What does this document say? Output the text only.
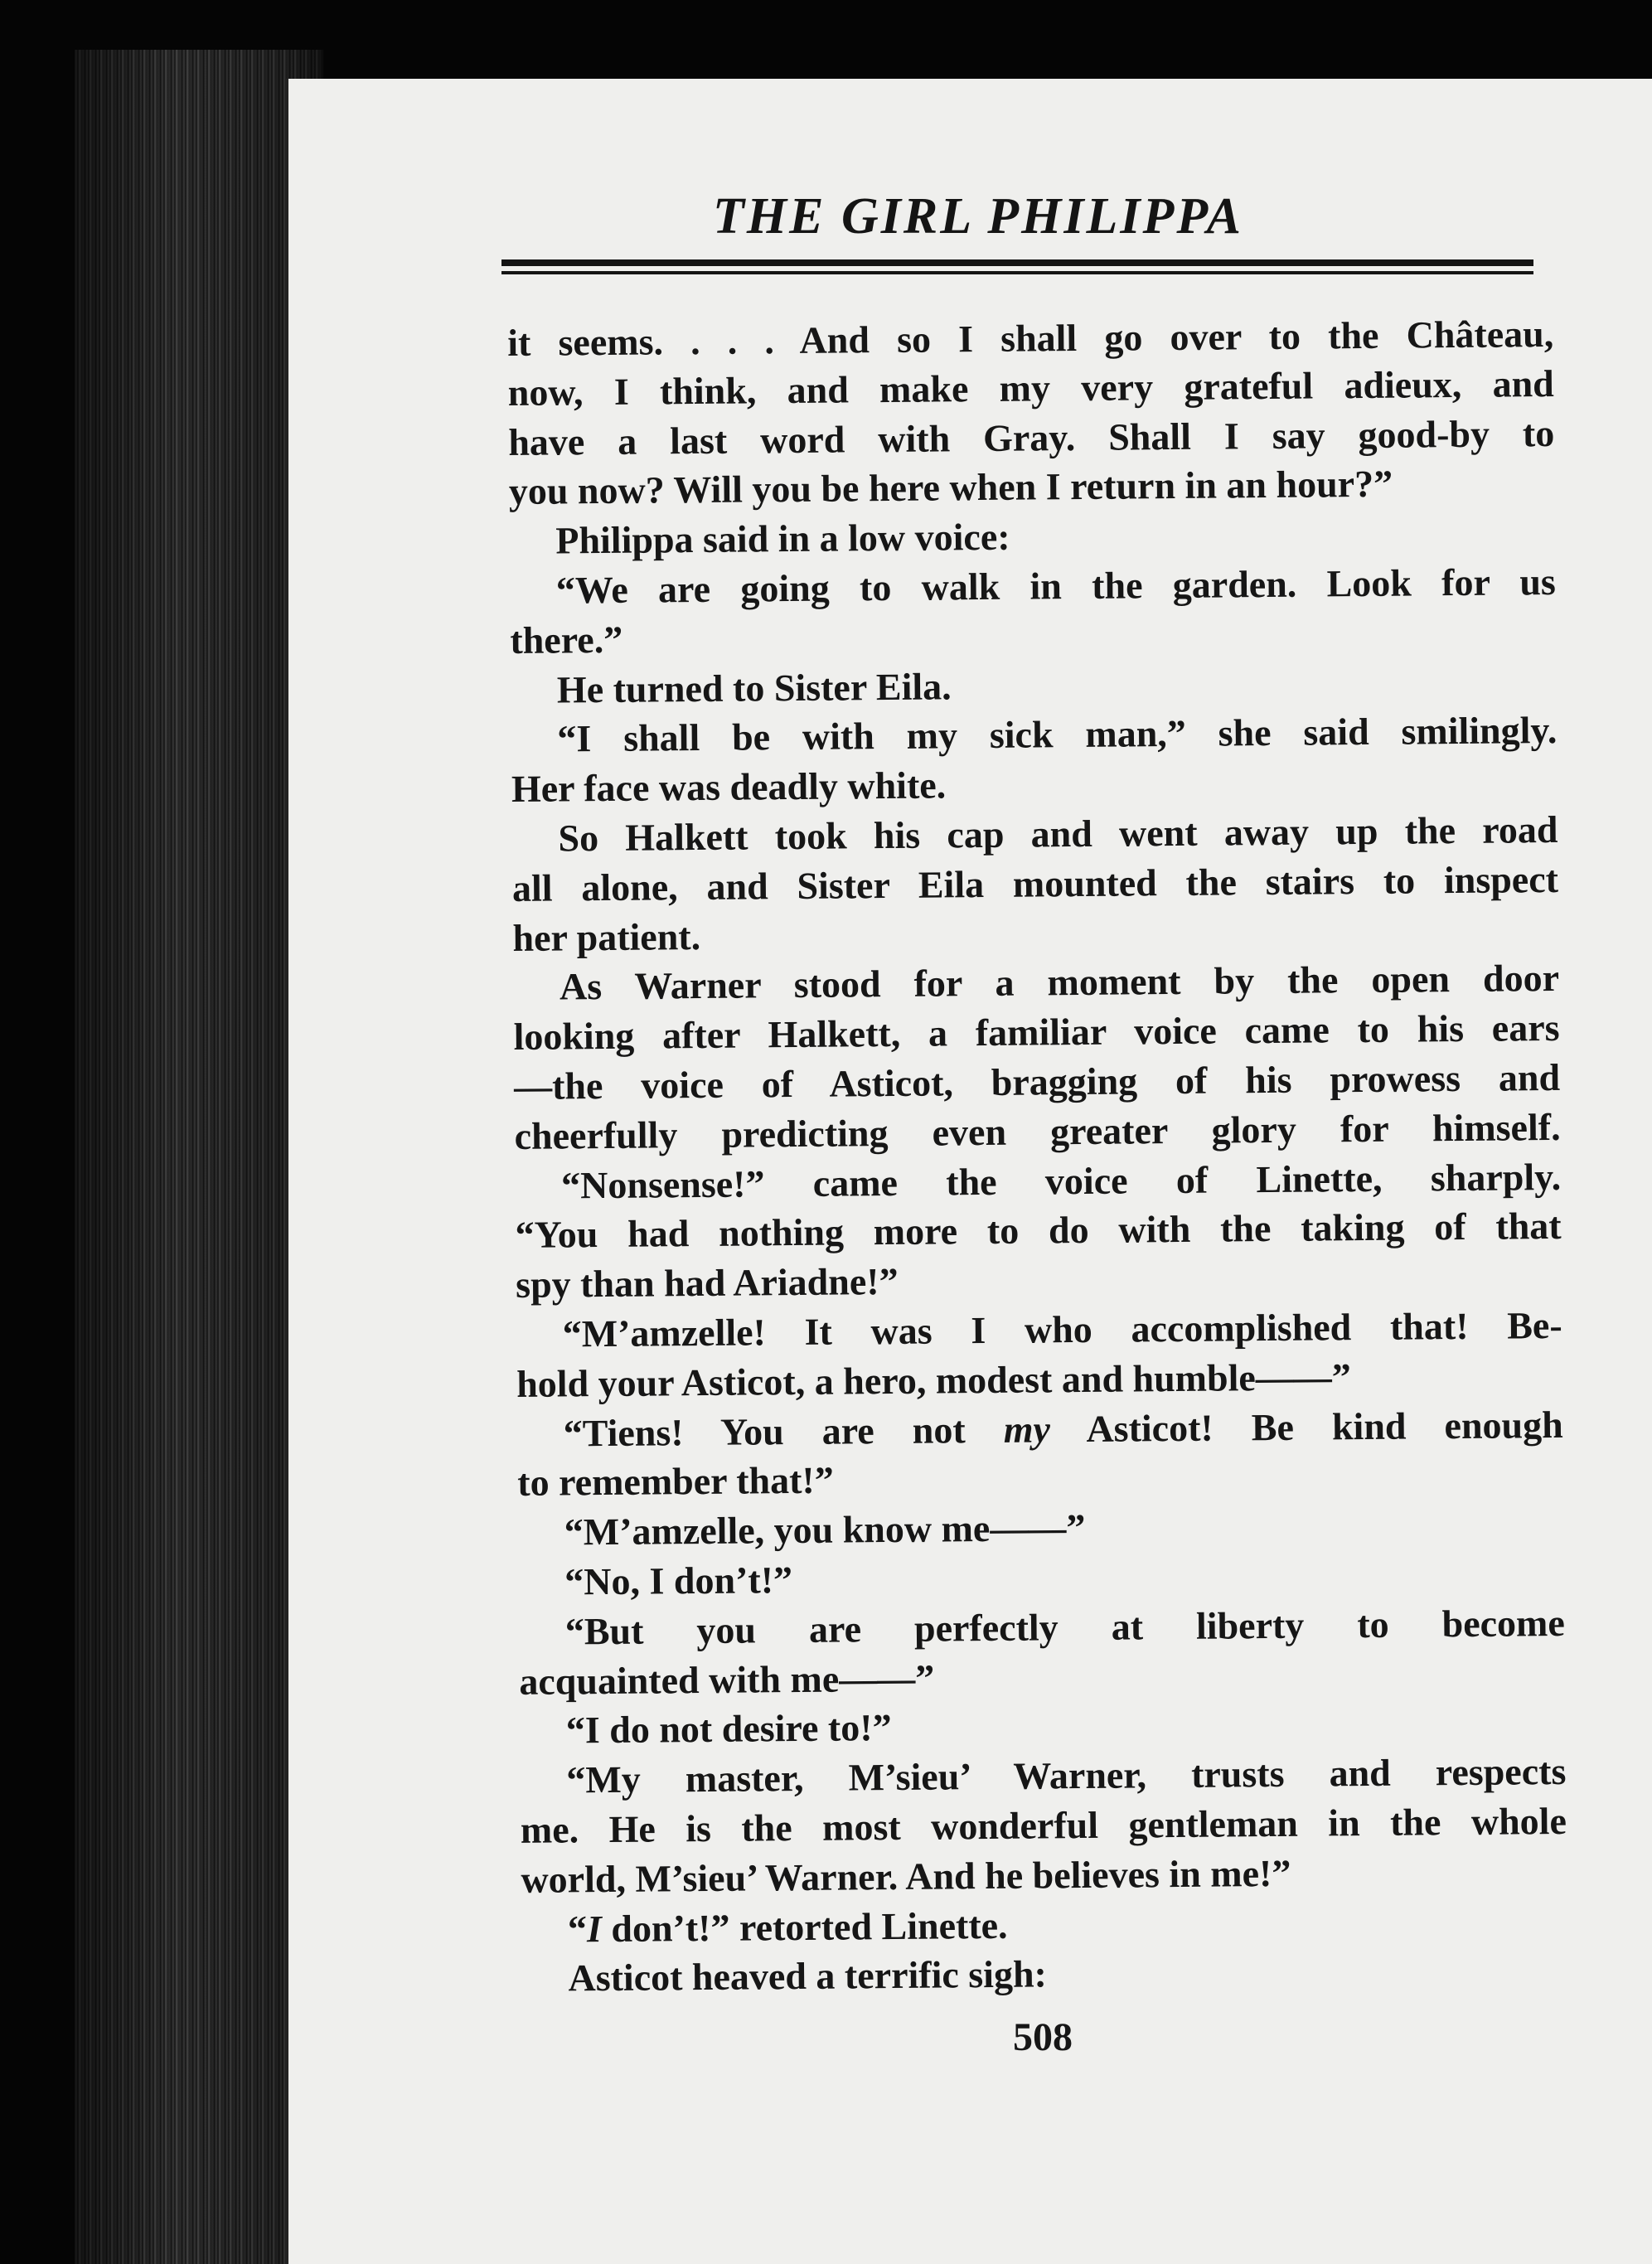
THE GIRL PHILIPPA
it seems. . . . And so I shall go over to the Château,
now, I think, and make my very grateful adieux, and
have a last word with Gray. Shall I say good-by to
you now? Will you be here when I return in an hour?”
Philippa said in a low voice:
“We are going to walk in the garden. Look for us
there.”
He turned to Sister Eila.
“I shall be with my sick man,” she said smilingly.
Her face was deadly white.
So Halkett took his cap and went away up the road
all alone, and Sister Eila mounted the stairs to inspect
her patient.
As Warner stood for a moment by the open door
looking after Halkett, a familiar voice came to his ears
—the voice of Asticot, bragging of his prowess and
cheerfully predicting even greater glory for himself.
“Nonsense!” came the voice of Linette, sharply.
“You had nothing more to do with the taking of that
spy than had Ariadne!”
“M’amzelle! It was I who accomplished that! Be-
hold your Asticot, a hero, modest and humble——”
“Tiens! You are not my Asticot! Be kind enough
to remember that!”
“M’amzelle, you know me——”
“No, I don’t!”
“But you are perfectly at liberty to become
acquainted with me——”
“I do not desire to!”
“My master, M’sieu’ Warner, trusts and respects
me. He is the most wonderful gentleman in the whole
world, M’sieu’ Warner. And he believes in me!”
“I don’t!” retorted Linette.
Asticot heaved a terrific sigh:
508
